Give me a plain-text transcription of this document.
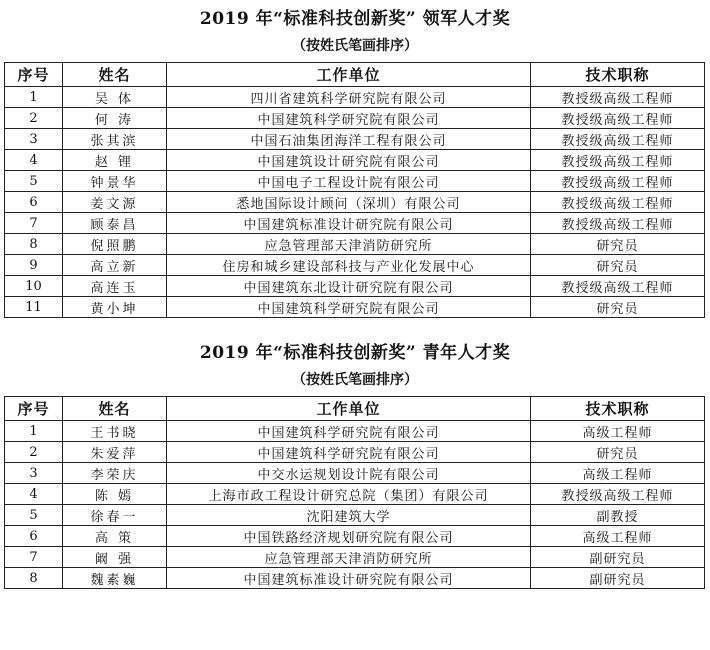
2019 年“标准科技创新奖” 领军人才奖
（按姓氏笔画排序）
序号	姓名	工作单位	技术职称
1	吴 体	四川省建筑科学研究院有限公司	教授级高级工程师
2	何 涛	中国建筑科学研究院有限公司	教授级高级工程师
3	张其滨	中国石油集团海洋工程有限公司	教授级高级工程师
4	赵 锂	中国建筑设计研究院有限公司	教授级高级工程师
5	钟景华	中国电子工程设计院有限公司	教授级高级工程师
6	姜文源	悉地国际设计顾问（深圳）有限公司	教授级高级工程师
7	顾泰昌	中国建筑标准设计研究院有限公司	教授级高级工程师
8	倪照鹏	应急管理部天津消防研究所	研究员
9	高立新	住房和城乡建设部科技与产业化发展中心	研究员
10	高连玉	中国建筑东北设计研究院有限公司	教授级高级工程师
11	黄小坤	中国建筑科学研究院有限公司	研究员
2019 年“标准科技创新奖” 青年人才奖
（按姓氏笔画排序）
序号	姓名	工作单位	技术职称
1	王书晓	中国建筑科学研究院有限公司	高级工程师
2	朱爱萍	中国建筑科学研究院有限公司	研究员
3	李荣庆	中交水运规划设计院有限公司	高级工程师
4	陈 嫣	上海市政工程设计研究总院（集团）有限公司	教授级高级工程师
5	徐春一	沈阳建筑大学	副教授
6	高 策	中国铁路经济规划研究院有限公司	高级工程师
7	阚 强	应急管理部天津消防研究所	副研究员
8	魏素巍	中国建筑标准设计研究院有限公司	副研究员
